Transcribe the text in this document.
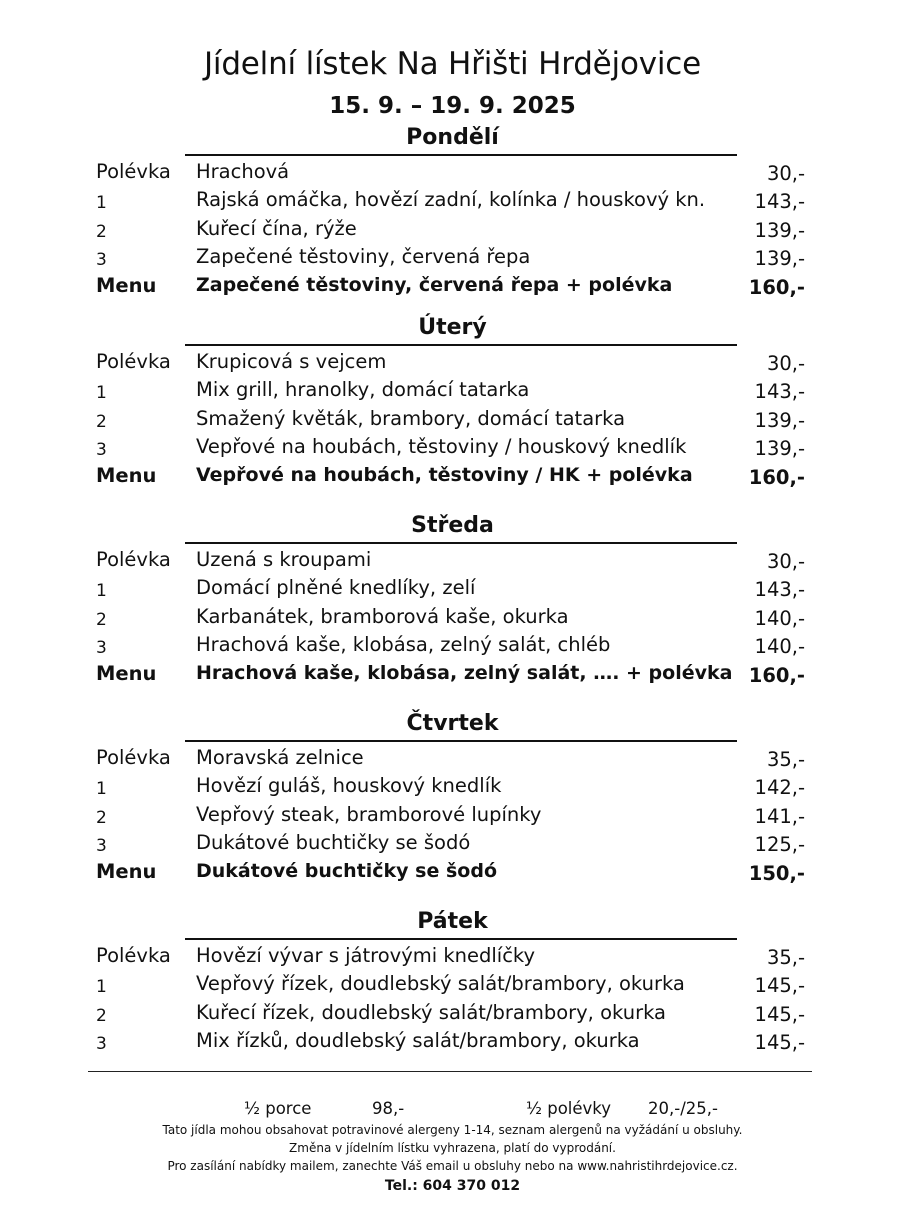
Jídelní lístek Na Hřišti Hrdějovice
15. 9. – 19. 9. 2025
Pondělí
Polévka Hrachová	30,-
1	Rajská omáčka, hovězí zadní, kolínka / houskový kn.	143,-
2	Kuřecí čína, rýže	139,-
3	Zapečené těstoviny, červená řepa	139,-
Menu Zapečené těstoviny, červená řepa + polévka	160,-
Úterý
Polévka Krupicová s vejcem	30,-
1	Mix grill, hranolky, domácí tatarka	143,-
2	Smažený květák, brambory, domácí tatarka	139,-
3	Vepřové na houbách, těstoviny / houskový knedlík	139,-
Menu Vepřové na houbách, těstoviny / HK + polévka	160,-
Středa
Polévka Uzená s kroupami	30,-
1	Domácí plněné knedlíky, zelí	143,-
2	Karbanátek, bramborová kaše, okurka	140,-
3	Hrachová kaše, klobása, zelný salát, chléb	140,-
Menu Hrachová kaše, klobása, zelný salát, …. + polévka 160,-
Čtvrtek
Polévka Moravská zelnice	35,-
1	Hovězí guláš, houskový knedlík	142,-
2	Vepřový steak, bramborové lupínky	141,-
3	Dukátové buchtičky se šodó	125,-
Menu Dukátové buchtičky se šodó	150,-
Pátek
Polévka Hovězí vývar s játrovými knedlíčky	35,-
1	Vepřový řízek, doudlebský salát/brambory, okurka	145,-
2	Kuřecí řízek, doudlebský salát/brambory, okurka	145,-
3	Mix řízků, doudlebský salát/brambory, okurka	145,-
½ porce	98,-	½ polévky 20,-/25,-
Tato jídla mohou obsahovat potravinové alergeny 1-14, seznam alergenů na vyžádání u obsluhy.
Změna v jídelním lístku vyhrazena, platí do vyprodání.
Pro zasílání nabídky mailem, zanechte Váš email u obsluhy nebo na www.nahristihrdejovice.cz.
Tel.: 604 370 012
